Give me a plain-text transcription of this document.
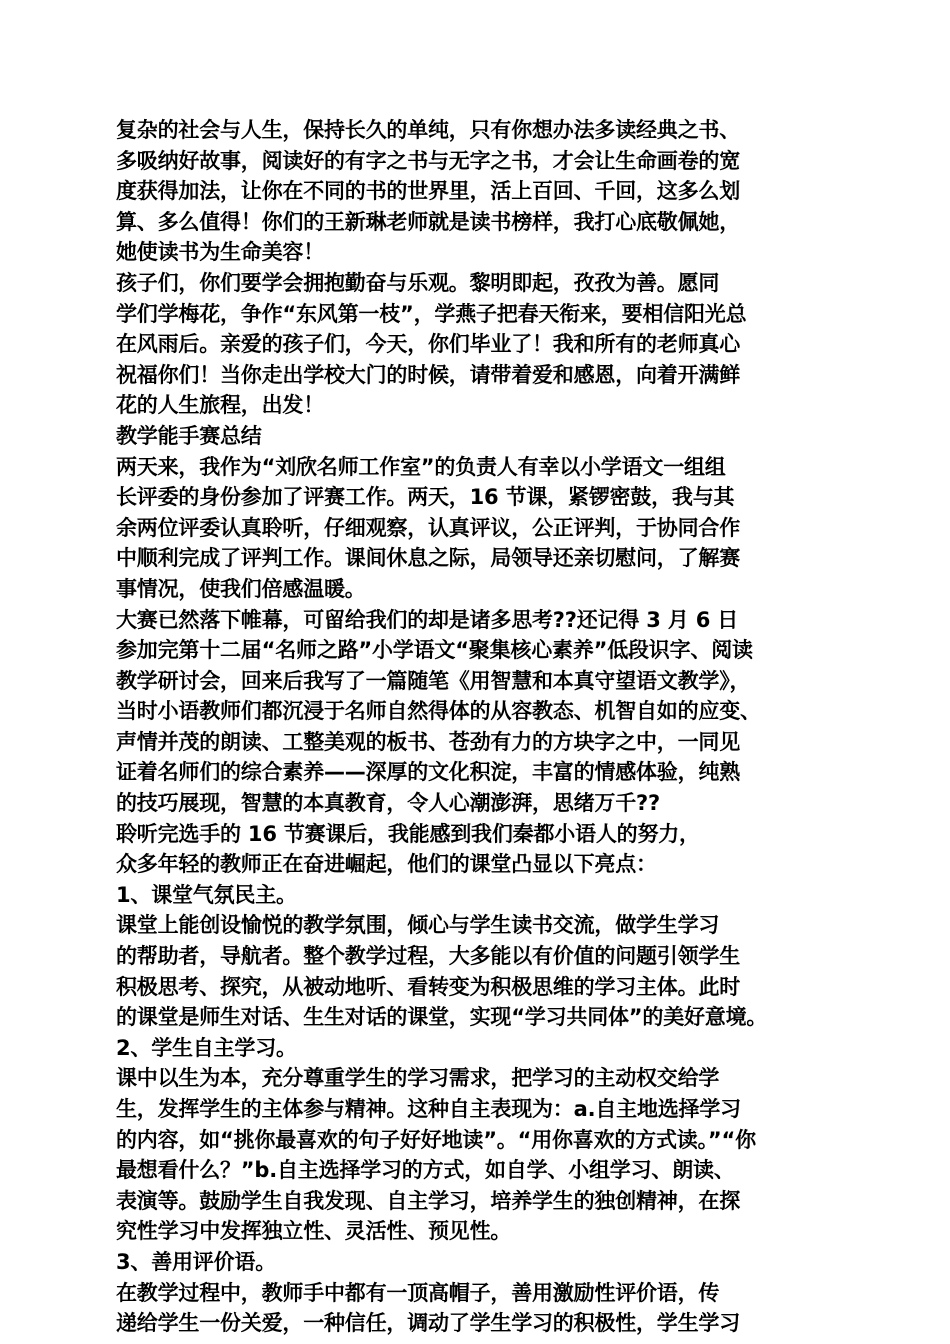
复杂的社会与人生，保持长久的单纯，只有你想办法多读经典之书、
多吸纳好故事，阅读好的有字之书与无字之书，才会让生命画卷的宽
度获得加法，让你在不同的书的世界里，活上百回、千回，这多么划
算、多么值得！你们的王新琳老师就是读书榜样，我打心底敬佩她，
她使读书为生命美容！
孩子们，你们要学会拥抱勤奋与乐观。黎明即起，孜孜为善。愿同
学们学梅花，争作“东风第一枝”，学燕子把春天衔来，要相信阳光总
在风雨后。亲爱的孩子们，今天，你们毕业了！我和所有的老师真心
祝福你们！当你走出学校大门的时候，请带着爱和感恩，向着开满鲜
花的人生旅程，出发！
教学能手赛总结
两天来，我作为“刘欣名师工作室”的负责人有幸以小学语文一组组
长评委的身份参加了评赛工作。两天，16 节课，紧锣密鼓，我与其
余两位评委认真聆听，仔细观察，认真评议，公正评判，于协同合作
中顺利完成了评判工作。课间休息之际，局领导还亲切慰问，了解赛
事情况，使我们倍感温暖。
大赛已然落下帷幕，可留给我们的却是诸多思考??还记得 3 月 6 日
参加完第十二届“名师之路”小学语文“聚集核心素养”低段识字、阅读
教学研讨会，回来后我写了一篇随笔《用智慧和本真守望语文教学》，
当时小语教师们都沉浸于名师自然得体的从容教态、机智自如的应变、
声情并茂的朗读、工整美观的板书、苍劲有力的方块字之中，一同见
证着名师们的综合素养——深厚的文化积淀，丰富的情感体验，纯熟
的技巧展现，智慧的本真教育，令人心潮澎湃，思绪万千??
聆听完选手的 16 节赛课后，我能感到我们秦都小语人的努力，
众多年轻的教师正在奋进崛起，他们的课堂凸显以下亮点：
1、课堂气氛民主。
课堂上能创设愉悦的教学氛围，倾心与学生读书交流，做学生学习
的帮助者，导航者。整个教学过程，大多能以有价值的问题引领学生
积极思考、探究，从被动地听、看转变为积极思维的学习主体。此时
的课堂是师生对话、生生对话的课堂，实现“学习共同体”的美好意境。
2、学生自主学习。
课中以生为本，充分尊重学生的学习需求，把学习的主动权交给学
生，发挥学生的主体参与精神。这种自主表现为：a.自主地选择学习
的内容，如“挑你最喜欢的句子好好地读”。“用你喜欢的方式读。”“你
最想看什么？”b.自主选择学习的方式，如自学、小组学习、朗读、
表演等。鼓励学生自我发现、自主学习，培养学生的独创精神，在探
究性学习中发挥独立性、灵活性、预见性。
3、善用评价语。
在教学过程中，教师手中都有一顶高帽子，善用激励性评价语，传
递给学生一份关爱，一种信任，调动了学生学习的积极性，学生学习
